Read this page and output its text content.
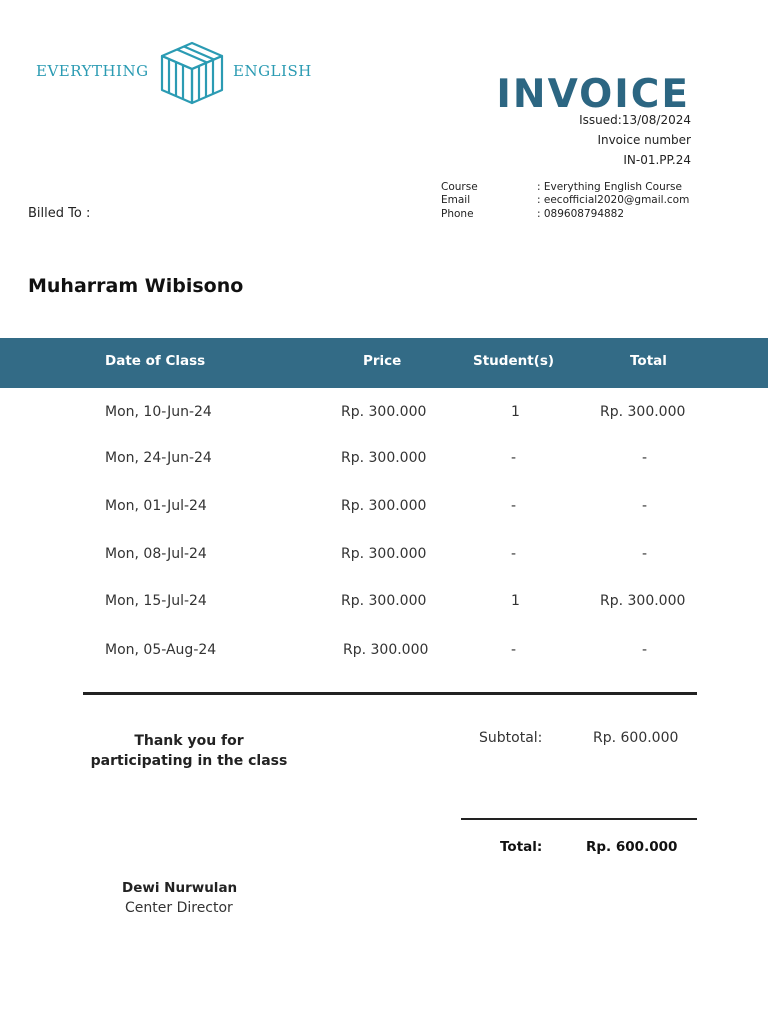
EVERYTHING	ENGLISH
INVOICE
Issued:13/08/2024
Invoice number
IN-01.PP.24
Course	: Everything English Course
Email	: eecofficial2020@gmail.com
Phone	: 089608794882
Billed To :
Muharram Wibisono
Date of Class	Price	Student(s)	Total
Mon, 10-Jun-24	Rp. 300.000	1	Rp. 300.000
Mon, 24-Jun-24	Rp. 300.000	-	-
Mon, 01-Jul-24	Rp. 300.000	-	-
Mon, 08-Jul-24	Rp. 300.000	-	-
Mon, 15-Jul-24	Rp. 300.000	1	Rp. 300.000
Mon, 05-Aug-24	Rp. 300.000	-	-
Thank you for
participating in the class
Subtotal:	Rp. 600.000
Total:	Rp. 600.000
Dewi Nurwulan
Center Director
